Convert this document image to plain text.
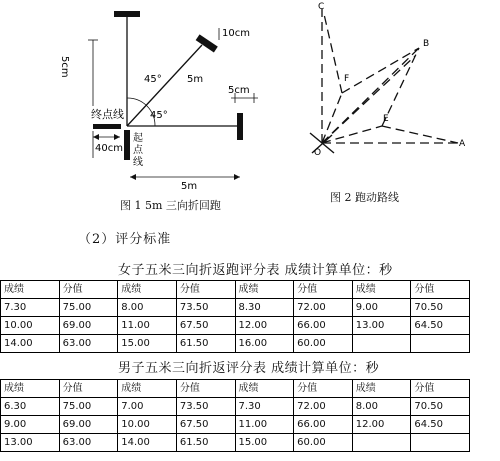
5cm
10cm
45°	5m
45°
5cm
终点线
40cm
起
点
线
5m
C
B
F
E
O
A
图 1 5m 三向折回跑
图 2 跑动路线
（2）评分标准
女子五米三向折返跑评分表 成绩计算单位：秒
成绩	分值	成绩	分值	成绩	分值	成绩	分值
7.30	75.00	8.00	73.50	8.30	72.00	9.00	70.50
10.00	69.00	11.00	67.50	12.00	66.00	13.00	64.50
14.00	63.00	15.00	61.50	16.00	60.00		
男子五米三向折返评分表 成绩计算单位：秒
成绩	分值	成绩	分值	成绩	分值	成绩	分值
6.30	75.00	7.00	73.50	7.30	72.00	8.00	70.50
9.00	69.00	10.00	67.50	11.00	66.00	12.00	64.50
13.00	63.00	14.00	61.50	15.00	60.00		
